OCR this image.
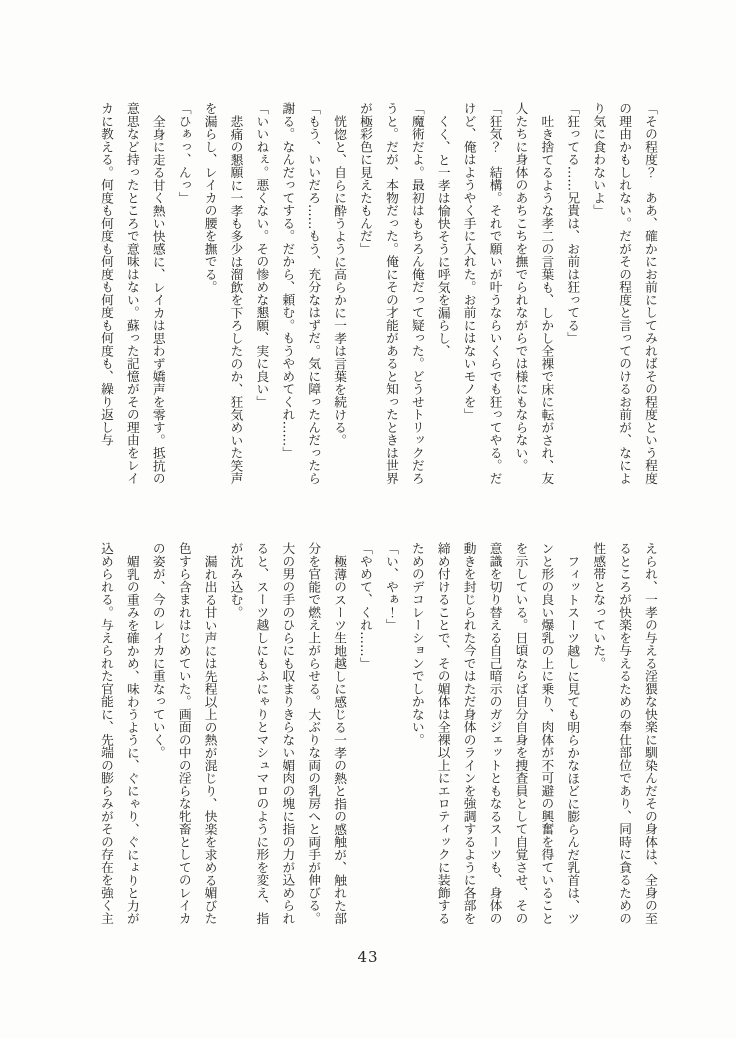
「その程度？　ああ、確かにお前にしてみればその程度という程度
の理由かもしれない。だがその程度と言ってのけるお前が、なによ
り気に食わないよ」
「狂ってる……兄貴は、お前は狂ってる」
吐き捨てるような孝二の言葉も、しかし全裸で床に転がされ、友
人たちに身体のあちこちを撫でられながらでは様にもならない。
「狂気？　結構。それで願いが叶うならいくらでも狂ってやる。だ
けど、俺はようやく手に入れた。お前にはないモノを」
くく、と一孝は愉快そうに呼気を漏らし、
「魔術だよ。最初はもちろん俺だって疑った。どうせトリックだろ
うと。だが、本物だった。俺にその才能があると知ったときは世界
が極彩色に見えたもんだ」
恍惚と、自らに酔うように高らかに一孝は言葉を続ける。
「もう、いいだろ……もう、充分なはずだ。気に障ったんだったら
謝る。なんだってする。だから、頼む。もうやめてくれ……」
「いいねぇ。悪くない。その惨めな懇願、実に良い」
悲痛の懇願に一孝も多少は溜飲を下ろしたのか、狂気めいた笑声
を漏らし、レイカの腰を撫でる。
「ひぁっ、んっ」
全身に走る甘く熱い快感に、レイカは思わず嬌声を零す。抵抗の
意思など持ったところで意味はない。蘇った記憶がその理由をレイ
カに教える。何度も何度も何度も何度も何度も、繰り返し与
えられ、一孝の与える淫猥な快楽に馴染んだその身体は、全身の至
るところが快楽を与えるための奉仕部位であり、同時に貪るための
性感帯となっていた。
フィットスーツ越しに見ても明らかなほどに膨らんだ乳首は、ツ
ンと形の良い爆乳の上に乗り、肉体が不可避の興奮を得ていること
を示している。日頃ならば自分自身を捜査員として自覚させ、その
意識を切り替える自己暗示のガジェットともなるスーツも、身体の
動きを封じられた今ではただ身体のラインを強調するように各部を
締め付けることで、その媚体は全裸以上にエロティックに装飾する
ためのデコレーションでしかない。
「い、やぁ！」
「やめて、くれ……」
極薄のスーツ生地越しに感じる一孝の熱と指の感触が、触れた部
分を官能で燃え上がらせる。大ぶりな両の乳房へと両手が伸びる。
大の男の手のひらにも収まりきらない媚肉の塊に指の力が込められ
ると、スーツ越しにもふにゃりとマシュマロのように形を変え、指
が沈み込む。
漏れ出る甘い声には先程以上の熱が混じり、快楽を求める媚びた
色すら含まれはじめていた。画面の中の淫らな牝畜としてのレイカ
の姿が、今のレイカに重なっていく。
媚乳の重みを確かめ、味わうように、ぐにゃり、ぐにょりと力が
込められる。与えられた官能に、先端の膨らみがその存在を強く主
43
